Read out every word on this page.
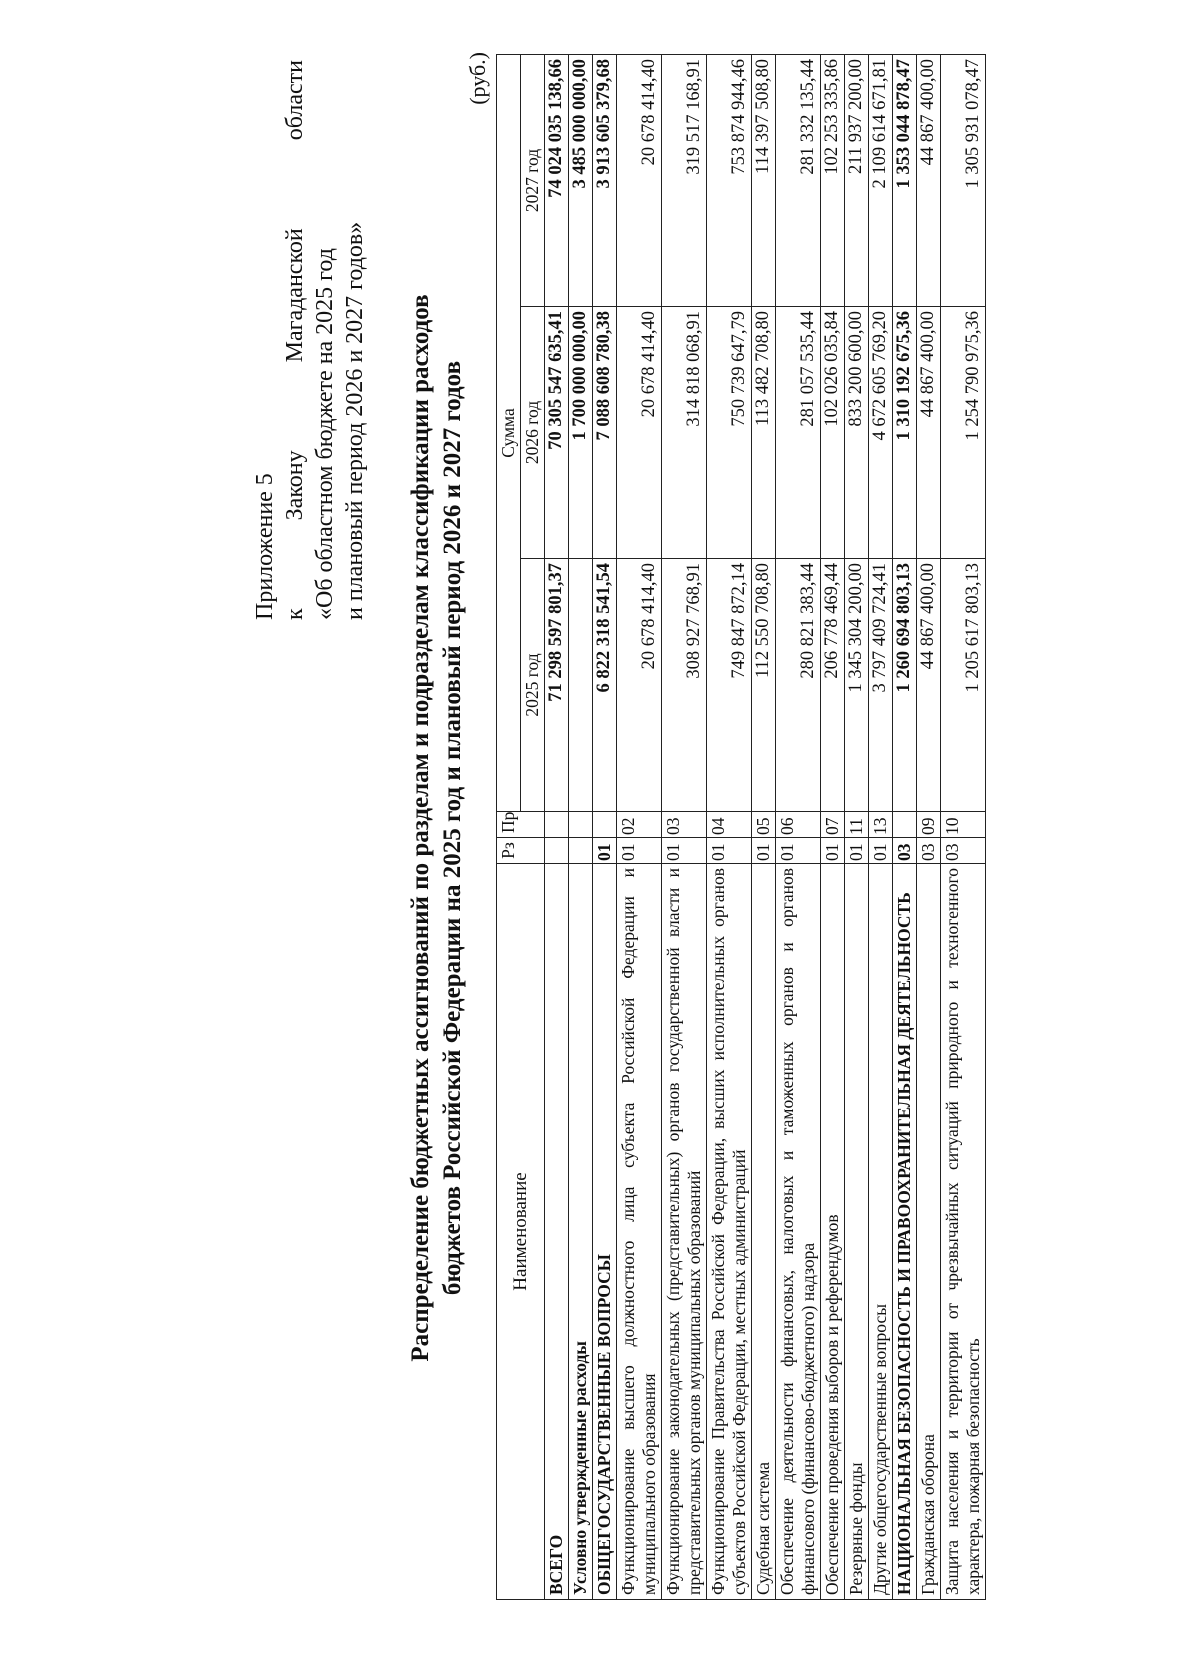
Приложение 5 к
Закону
Магаданской
области
«Об областном бюджете на 2025 год и плановый период 2026 и 2027 годов» Распределение бюджетных ассигнований по разделам и подразделам классификации расходов бюджетов Российской Федерации на 2025 год и плановый период 2026 и 2027 годов
(руб.)
Наименование	Рз	Пр	Сумма		
			2025 год	2026 год	2027 год
ВСЕГО			71 298 597 801,37	70 305 547 635,41	74 024 035 138,66
Условно утвержденные расходы				1 700 000 000,00	3 485 000 000,00
ОБЩЕГОСУДАРСТВЕННЫЕ ВОПРОСЫ	01		6 822 318 541,54	7 088 608 780,38	3 913 605 379,68
Функционирование высшего должностного лица субъекта Российской Федерации и муниципального образования	01	02	20 678 414,40	20 678 414,40	20 678 414,40
Функционирование законодательных (представительных) органов государственной власти и представительных органов муниципальных образований	01	03	308 927 768,91	314 818 068,91	319 517 168,91
Функционирование Правительства Российской Федерации, высших исполнительных органов субъектов Российской Федерации, местных администраций	01	04	749 847 872,14	750 739 647,79	753 874 944,46
Судебная система	01	05	112 550 708,80	113 482 708,80	114 397 508,80
Обеспечение деятельности финансовых, налоговых и таможенных органов и органов финансового (финансово-бюджетного) надзора	01	06	280 821 383,44	281 057 535,44	281 332 135,44
Обеспечение проведения выборов и референдумов	01	07	206 778 469,44	102 026 035,84	102 253 335,86
Резервные фонды	01	11	1 345 304 200,00	833 200 600,00	211 937 200,00
Другие общегосударственные вопросы	01	13	3 797 409 724,41	4 672 605 769,20	2 109 614 671,81
НАЦИОНАЛЬНАЯ БЕЗОПАСНОСТЬ И ПРАВООХРАНИТЕЛЬНАЯ ДЕЯТЕЛЬНОСТЬ	03		1 260 694 803,13	1 310 192 675,36	1 353 044 878,47
Гражданская оборона	03	09	44 867 400,00	44 867 400,00	44 867 400,00
Защита населения и территории от чрезвычайных ситуаций природного и техногенного характера, пожарная безопасность	03	10	1 205 617 803,13	1 254 790 975,36	1 305 931 078,47
